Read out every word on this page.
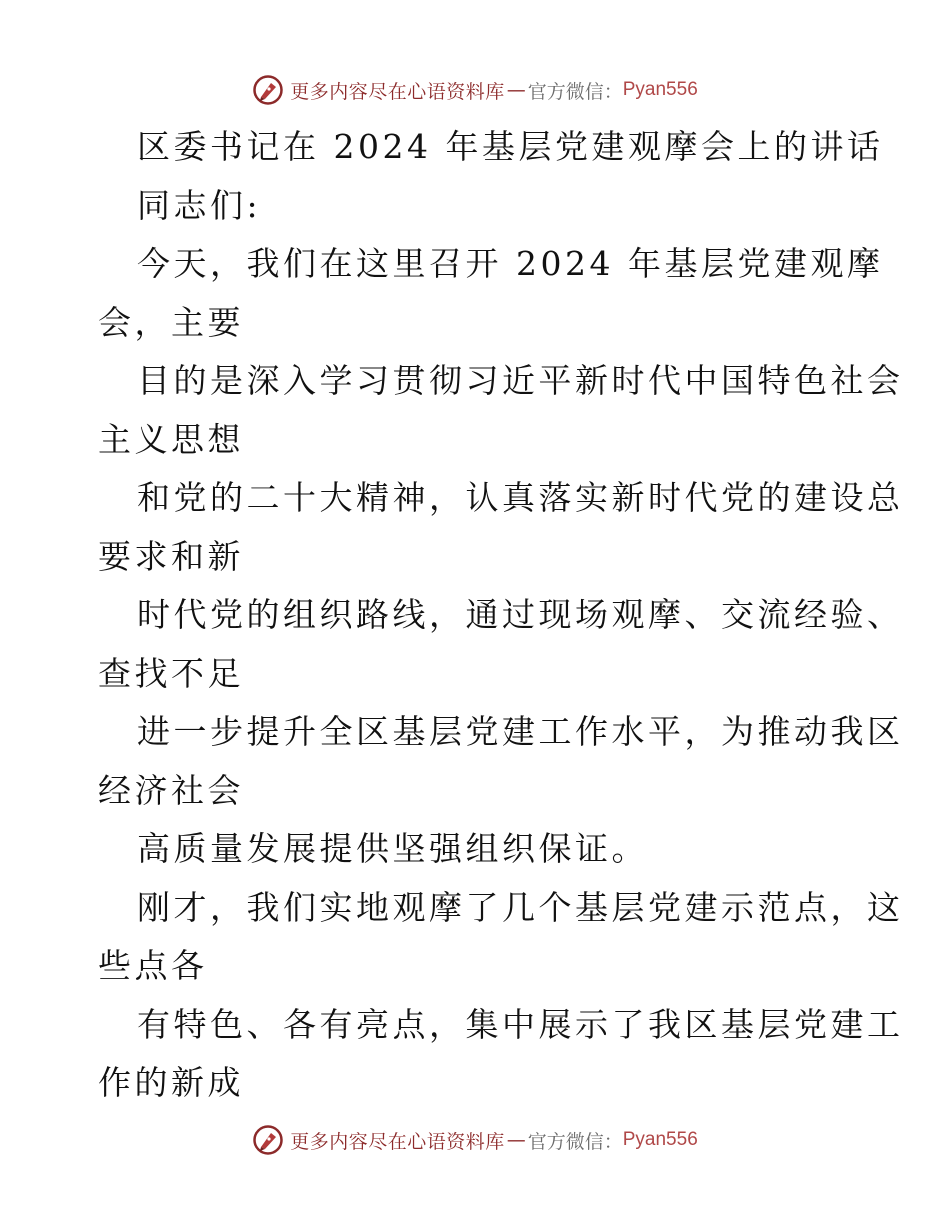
更多内容尽在心语资料库 — 官方微信： Pyan556
区委书记在 2024 年基层党建观摩会上的讲话
同志们:
今天，我们在这里召开 2024 年基层党建观摩
会，主要
目的是深入学习贯彻习近平新时代中国特色社会
主义思想
和党的二十大精神，认真落实新时代党的建设总
要求和新
时代党的组织路线，通过现场观摩、交流经验、
查找不足
进一步提升全区基层党建工作水平，为推动我区
经济社会
高质量发展提供坚强组织保证。
刚才，我们实地观摩了几个基层党建示范点，这
些点各
有特色、各有亮点，集中展示了我区基层党建工
作的新成
更多内容尽在心语资料库 — 官方微信： Pyan556
